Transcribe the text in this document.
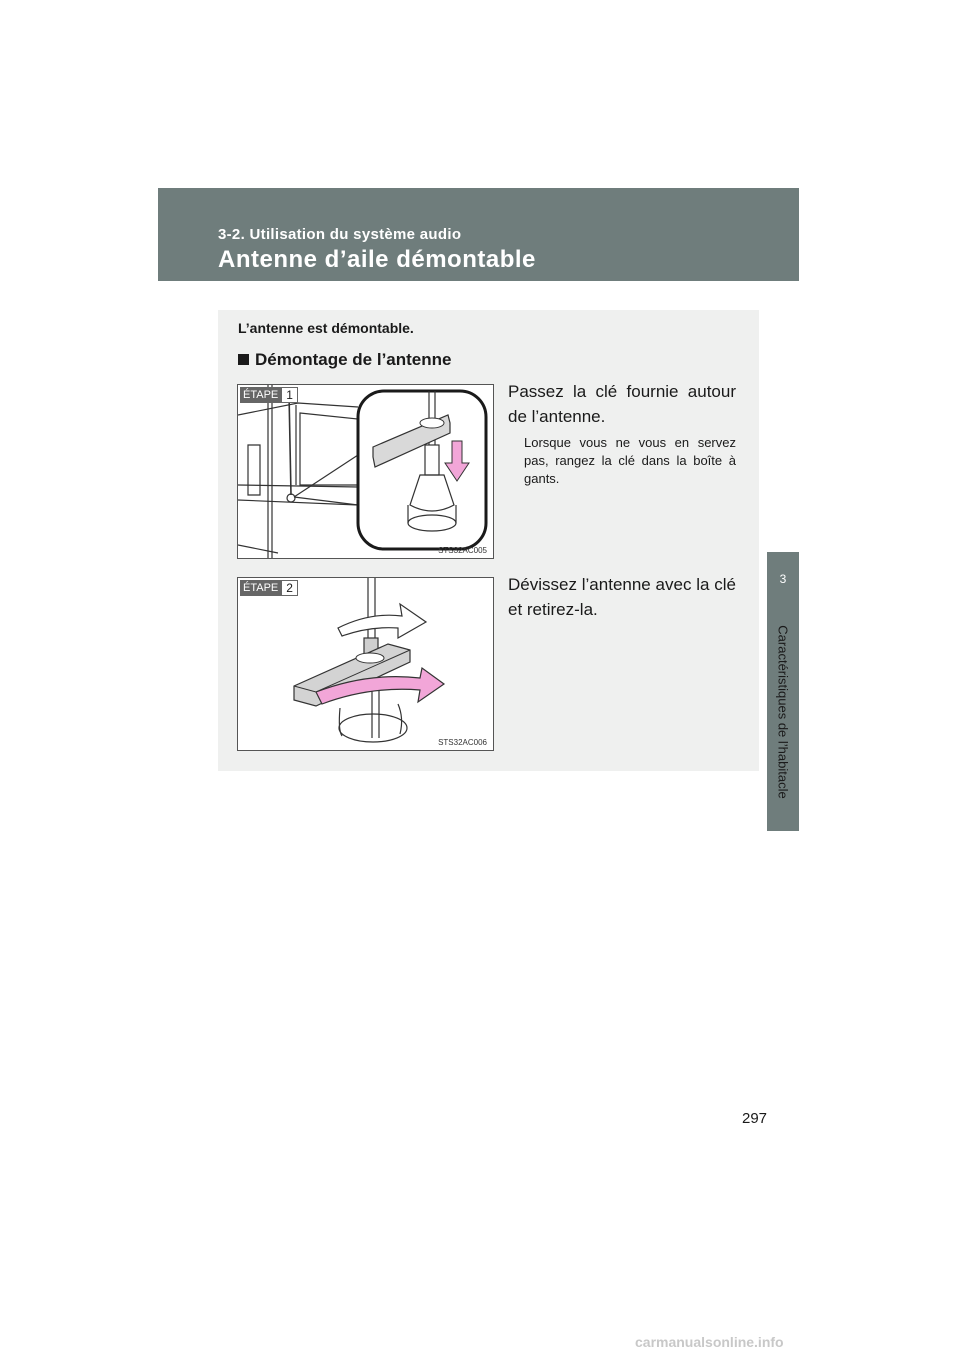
3-2. Utilisation du système audio
Antenne d’aile démontable
3
Caractéristiques de l’habitacle
L’antenne est démontable.
Démontage de l’antenne
ÉTAPE 1
STS32AC005
Passez la clé fournie autour de l’antenne.
Lorsque vous ne vous en servez pas, rangez la clé dans la boîte à gants.
ÉTAPE 2
STS32AC006
Dévissez l’antenne avec la clé et retirez-la.
297
carmanualsonline.info
